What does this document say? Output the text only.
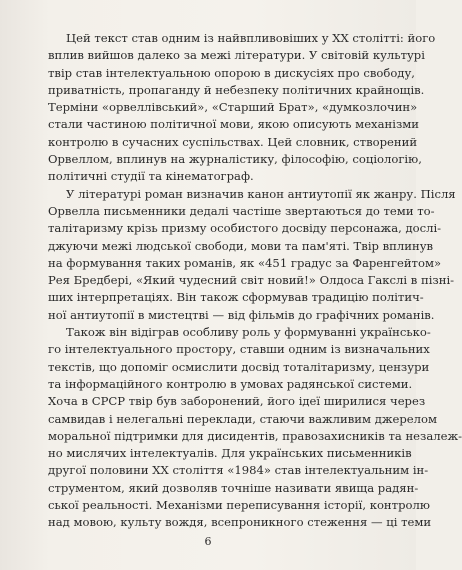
Цей текст став одним із найвпливовіших у XX столітті: його
вплив вийшов далеко за межі літератури. У світовій культурі
твір став інтелектуальною опорою в дискусіях про свободу,
приватність, пропаганду й небезпеку політичних крайнощів.
Терміни «орвеллівський», «Старший Брат», «думкозлочин»
стали частиною політичної мови, якою описують механізми
контролю в сучасних суспільствах. Цей словник, створений
Орвеллом, вплинув на журналістику, філософію, соціологію,
політичні студії та кінематограф.

У літературі роман визначив канон антиутопії як жанру. Після
Орвелла письменники дедалі частіше звертаються до теми то-
талітаризму крізь призму особистого досвіду персонажа, дослі-
джуючи межі людської свободи, мови та пам'яті. Твір вплинув
на формування таких романів, як «451 градус за Фаренгейтом»
Рея Бредбері, «Який чудесний світ новий!» Олдоса Гакслі в пізні-
ших інтерпретаціях. Він також сформував традицію політич-
ної антиутопії в мистецтві — від фільмів до графічних романів.

Також він відіграв особливу роль у формуванні українсько-
го інтелектуального простору, ставши одним із визначальних
текстів, що допоміг осмислити досвід тоталітаризму, цензури
та інформаційного контролю в умовах радянської системи.
Хоча в СРСР твір був заборонений, його ідеї ширилися через
самвидав і нелегальні переклади, стаючи важливим джерелом
моральної підтримки для дисидентів, правозахисників та незалеж-
но мислячих інтелектуалів. Для українських письменників
другої половини XX століття «1984» став інтелектуальним ін-
струментом, який дозволяв точніше називати явища радян-
ської реальності. Механізми переписування історії, контролю
над мовою, культу вождя, всепроникного стеження — ці теми

6
